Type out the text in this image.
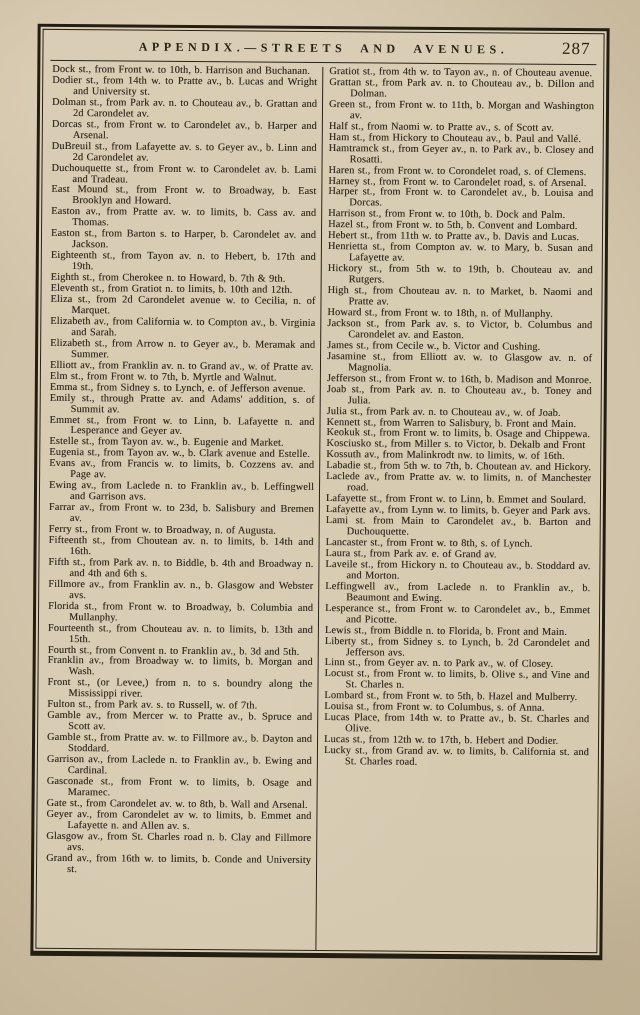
APPENDIX.—STREETS AND AVENUES.	287

Dock st., from Front w. to 10th, b. Harrison and Buchanan.

Dodier st., from 14th w. to Pratte av., b. Lucas and Wright and University st.

Dolman st., from Park av. n. to Chouteau av., b. Grattan and 2d Carondelet av.

Dorcas st., from Front w. to Carondelet av., b. Harper and Arsenal.

DuBreuil st., from Lafayette av. s. to Geyer av., b. Linn and 2d Carondelet av.

Duchouquette st., from Front w. to Carondelet av. b. Lami and Tradeau.

East Mound st., from Front w. to Broadway, b. East Brooklyn and Howard.

Easton av., from Pratte av. w. to limits, b. Cass av. and Thomas.

Easton st., from Barton s. to Harper, b. Carondelet av. and Jackson.

Eighteenth st., from Tayon av. n. to Hebert, b. 17th and 19th.

Eighth st., from Cherokee n. to Howard, b. 7th & 9th.

Eleventh st., from Gratiot n. to limits, b. 10th and 12th.

Eliza st., from 2d Carondelet avenue w. to Cecilia, n. of Marquet.

Elizabeth av., from California w. to Compton av., b. Virginia and Sarah.

Elizabeth st., from Arrow n. to Geyer av., b. Meramak and Summer.

Elliott av., from Franklin av. n. to Grand av., w. of Pratte av.

Elm st., from Front w. to 7th, b. Myrtle and Walnut.

Emma st., from Sidney s. to Lynch, e. of Jefferson avenue.

Emily st., through Pratte av. and Adams' addition, s. of Summit av.

Emmet st., from Front w. to Linn, b. Lafayette n. and Lesperance and Geyer av.

Estelle st., from Tayon av. w., b. Eugenie and Market.

Eugenia st., from Tayon av. w., b. Clark avenue and Estelle.

Evans av., from Francis w. to limits, b. Cozzens av. and Page av.

Ewing av., from Laclede n. to Franklin av., b. Leffingwell and Garrison avs.

Farrar av., from Front w. to 23d, b. Salisbury and Bremen av.

Ferry st., from Front w. to Broadway, n. of Augusta.

Fifteenth st., from Choutean av. n. to limits, b. 14th and 16th.

Fifth st., from Park av. n. to Biddle, b. 4th and Broadway n. and 4th and 6th s.

Fillmore av., from Franklin av. n., b. Glasgow and Webster avs.

Florida st., from Front w. to Broadway, b. Columbia and Mullanphy.

Fourteenth st., from Chouteau av. n. to limits, b. 13th and 15th.

Fourth st., from Convent n. to Franklin av., b. 3d and 5th.

Franklin av., from Broadway w. to limits, b. Morgan and Wash.

Front st., (or Levee,) from n. to s. boundry along the Mississippi river.

Fulton st., from Park av. s. to Russell, w. of 7th.

Gamble av., from Mercer w. to Pratte av., b. Spruce and Scott av.

Gamble st., from Pratte av. w. to Fillmore av., b. Dayton and Stoddard.

Garrison av., from Laclede n. to Franklin av., b. Ewing and Cardinal.

Gasconade st., from Front w. to limits, b. Osage and Maramec.

Gate st., from Carondelet av. w. to 8th, b. Wall and Arsenal.

Geyer av., from Carondelet av w. to limits, b. Emmet and Lafayette n. and Allen av. s.

Glasgow av., from St. Charles road n. b. Clay and Fillmore avs.

Grand av., from 16th w. to limits, b. Conde and University st.

Gratiot st., from 4th w. to Tayon av., n. of Chouteau avenue.

Grattan st., from Park av. n. to Chouteau av., b. Dillon and Dolman.

Green st., from Front w. to 11th, b. Morgan and Washington av.

Half st., from Naomi w. to Pratte av., s. of Scott av.

Ham st., from Hickory to Chouteau av., b. Paul and Vallé.

Hamtramck st., from Geyer av., n. to Park av., b. Closey and Rosatti.

Haren st., from Front w. to Corondelet road, s. of Clemens.

Harney st., from Front w. to Carondelet road, s. of Arsenal.

Harper st., from Front w. to Carondelet av., b. Louisa and Dorcas.

Harrison st., from Front w. to 10th, b. Dock and Palm.

Hazel st., from Front w. to 5th, b. Convent and Lombard.

Hebert st., from 11th w. to Pratte av., b. Davis and Lucas.

Henrietta st., from Compton av. w. to Mary, b. Susan and Lafayette av.

Hickory st., from 5th w. to 19th, b. Chouteau av. and Rutgers.

High st., from Chouteau av. n. to Market, b. Naomi and Pratte av.

Howard st., from Front w. to 18th, n. of Mullanphy.

Jackson st., from Park av. s. to Victor, b. Columbus and Carondelet av. and Easton.

James st., from Cecile w., b. Victor and Cushing.

Jasamine st., from Elliott av. w. to Glasgow av. n. of Magnolia.

Jefferson st., from Front w. to 16th, b. Madison and Monroe.

Joab st., from Park av. n. to Chouteau av., b. Toney and Julia.

Julia st., from Park av. n. to Chouteau av., w. of Joab.

Kennett st., from Warren to Salisbury, b. Front and Main.

Keokuk st., from Front w. to limits, b. Osage and Chippewa.

Kosciusko st., from Miller s. to Victor, b. Dekalb and Front

Kossuth av., from Malinkrodt nw. to limits, w. of 16th.

Labadie st., from 5th w. to 7th, b. Choutean av. and Hickory.

Laclede av., from Pratte av. w. to limits, n. of Manchester road.

Lafayette st., from Front w. to Linn, b. Emmet and Soulard.

Lafayette av., from Lynn w. to limits, b. Geyer and Park avs.

Lami st. from Main to Carondelet av., b. Barton and Duchouquette.

Lancaster st., from Front w. to 8th, s. of Lynch.

Laura st., from Park av. e. of Grand av.

Laveile st., from Hickory n. to Chouteau av., b. Stoddard av. and Morton.

Leffingwell av., from Laclede n. to Franklin av., b. Beaumont and Ewing.

Lesperance st., from Front w. to Carondelet av., b., Emmet and Picotte.

Lewis st., from Biddle n. to Florida, b. Front and Main.

Liberty st., from Sidney s. to Lynch, b. 2d Carondelet and Jefferson avs.

Linn st., from Geyer av. n. to Park av., w. of Closey.

Locust st., from Front w. to limits, b. Olive s., and Vine and St. Charles n.

Lombard st., from Front w. to 5th, b. Hazel and Mulberry.

Louisa st., from Front w. to Columbus, s. of Anna.

Lucas Place, from 14th w. to Pratte av., b. St. Charles and Olive.

Lucas st., from 12th w. to 17th, b. Hebert and Dodier.

Lucky st., from Grand av. w. to limits, b. California st. and St. Charles road.
